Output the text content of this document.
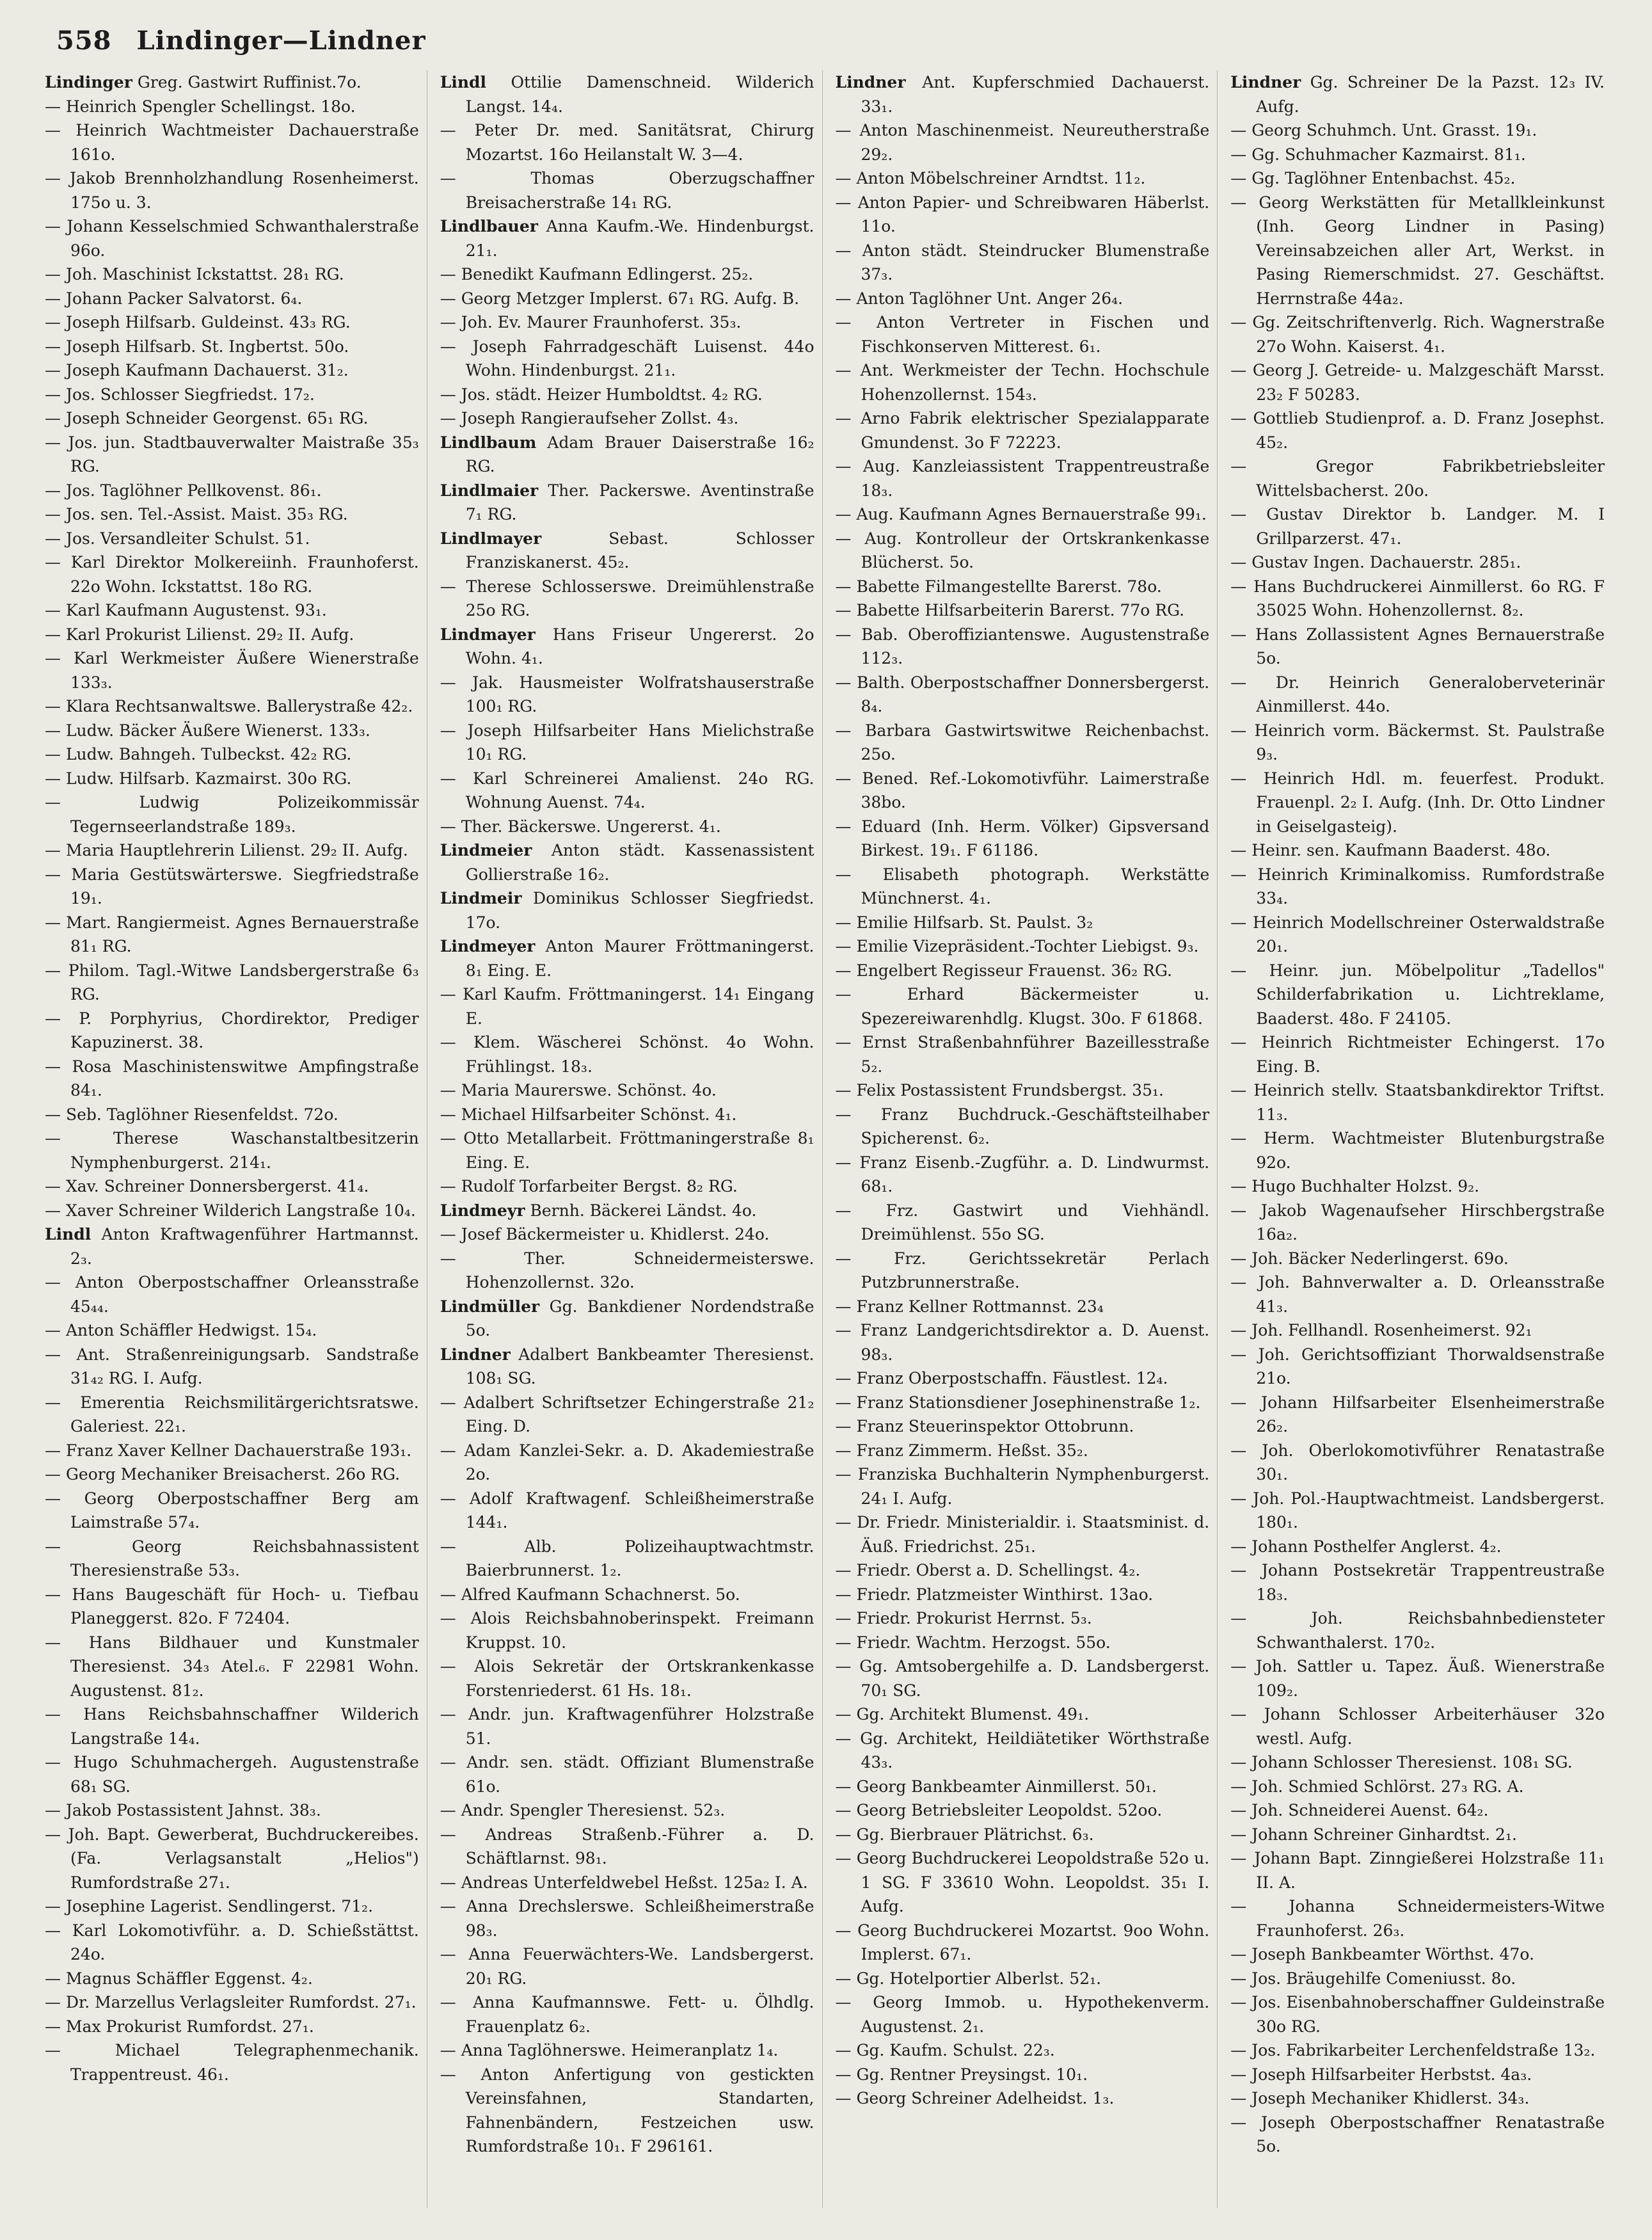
558 Lindinger—Lindner
Lindinger Greg. Gastwirt Ruffinist.7o.
— Heinrich Spengler Schellingst. 18o.
— Heinrich Wachtmeister Dachauerstraße 161o.
— Jakob Brennholzhandlung Rosenheimerst. 175o u. 3.
— Johann Kesselschmied Schwanthalerstraße 96o.
— Joh. Maschinist Ickstattst. 28₁ RG.
— Johann Packer Salvatorst. 6₄.
— Joseph Hilfsarb. Guldeinst. 43₃ RG.
— Joseph Hilfsarb. St. Ingbertst. 50o.
— Joseph Kaufmann Dachauerst. 31₂.
— Jos. Schlosser Siegfriedst. 17₂.
— Joseph Schneider Georgenst. 65₁ RG.
— Jos. jun. Stadtbauverwalter Maistraße 35₃ RG.
— Jos. Taglöhner Pellkovenst. 86₁.
— Jos. sen. Tel.-Assist. Maist. 35₃ RG.
— Jos. Versandleiter Schulst. 51.
— Karl Direktor Molkereiinh. Fraunhoferst. 22o Wohn. Ickstattst. 18o RG.
— Karl Kaufmann Augustenst. 93₁.
— Karl Prokurist Lilienst. 29₂ II. Aufg.
— Karl Werkmeister Äußere Wienerstraße 133₃.
— Klara Rechtsanwaltswe. Ballerystraße 42₂.
— Ludw. Bäcker Äußere Wienerst. 133₃.
— Ludw. Bahngeh. Tulbeckst. 42₂ RG.
— Ludw. Hilfsarb. Kazmairst. 30o RG.
— Ludwig Polizeikommissär Tegernseerlandstraße 189₃.
— Maria Hauptlehrerin Lilienst. 29₂ II. Aufg.
— Maria Gestütswärterswe. Siegfriedstraße 19₁.
— Mart. Rangiermeist. Agnes Bernauerstraße 81₁ RG.
— Philom. Tagl.-Witwe Landsbergerstraße 6₃ RG.
— P. Porphyrius, Chordirektor, Prediger Kapuzinerst. 38.
— Rosa Maschinistenswitwe Ampfingstraße 84₁.
— Seb. Taglöhner Riesenfeldst. 72o.
— Therese Waschanstaltbesitzerin Nymphenburgerst. 214₁.
— Xav. Schreiner Donnersbergerst. 41₄.
— Xaver Schreiner Wilderich Langstraße 10₄.
Lindl Anton Kraftwagenführer Hartmannst. 2₃.
— Anton Oberpostschaffner Orleansstraße 45₄₄.
— Anton Schäffler Hedwigst. 15₄.
— Ant. Straßenreinigungsarb. Sandstraße 31₄₂ RG. I. Aufg.
— Emerentia Reichsmilitärgerichtsratswe. Galeriest. 22₁.
— Franz Xaver Kellner Dachauerstraße 193₁.
— Georg Mechaniker Breisacherst. 26o RG.
— Georg Oberpostschaffner Berg am Laimstraße 57₄.
— Georg Reichsbahnassistent Theresienstraße 53₃.
— Hans Baugeschäft für Hoch- u. Tiefbau Planeggerst. 82o. F 72404.
— Hans Bildhauer und Kunstmaler Theresienst. 34₃ Atel.₆. F 22981 Wohn. Augustenst. 81₂.
— Hans Reichsbahnschaffner Wilderich Langstraße 14₄.
— Hugo Schuhmachergeh. Augustenstraße 68₁ SG.
— Jakob Postassistent Jahnst. 38₃.
— Joh. Bapt. Gewerberat, Buchdruckereibes. (Fa. Verlagsanstalt „Helios") Rumfordstraße 27₁.
— Josephine Lagerist. Sendlingerst. 71₂.
— Karl Lokomotivführ. a. D. Schießstättst. 24o.
— Magnus Schäffler Eggenst. 4₂.
— Dr. Marzellus Verlagsleiter Rumfordst. 27₁.
— Max Prokurist Rumfordst. 27₁.
— Michael Telegraphenmechanik. Trappentreust. 46₁.
Lindl Ottilie Damenschneid. Wilderich Langst. 14₄.
— Peter Dr. med. Sanitätsrat, Chirurg Mozartst. 16o Heilanstalt W. 3—4.
— Thomas Oberzugschaffner Breisacherstraße 14₁ RG.
Lindlbauer Anna Kaufm.-We. Hindenburgst. 21₁.
— Benedikt Kaufmann Edlingerst. 25₂.
— Georg Metzger Implerst. 67₁ RG. Aufg. B.
— Joh. Ev. Maurer Fraunhoferst. 35₃.
— Joseph Fahrradgeschäft Luisenst. 44o Wohn. Hindenburgst. 21₁.
— Jos. städt. Heizer Humboldtst. 4₂ RG.
— Joseph Rangieraufseher Zollst. 4₃.
Lindlbaum Adam Brauer Daiserstraße 16₂ RG.
Lindlmaier Ther. Packerswe. Aventinstraße 7₁ RG.
Lindlmayer Sebast. Schlosser Franziskanerst. 45₂.
— Therese Schlosserswe. Dreimühlenstraße 25o RG.
Lindmayer Hans Friseur Ungererst. 2o Wohn. 4₁.
— Jak. Hausmeister Wolfratshauserstraße 100₁ RG.
— Joseph Hilfsarbeiter Hans Mielichstraße 10₁ RG.
— Karl Schreinerei Amalienst. 24o RG. Wohnung Auenst. 74₄.
— Ther. Bäckerswe. Ungererst. 4₁.
Lindmeier Anton städt. Kassenassistent Gollierstraße 16₂.
Lindmeir Dominikus Schlosser Siegfriedst. 17o.
Lindmeyer Anton Maurer Fröttmaningerst. 8₁ Eing. E.
— Karl Kaufm. Fröttmaningerst. 14₁ Eingang E.
— Klem. Wäscherei Schönst. 4o Wohn. Frühlingst. 18₃.
— Maria Maurerswe. Schönst. 4o.
— Michael Hilfsarbeiter Schönst. 4₁.
— Otto Metallarbeit. Fröttmaningerstraße 8₁ Eing. E.
— Rudolf Torfarbeiter Bergst. 8₂ RG.
Lindmeyr Bernh. Bäckerei Ländst. 4o.
— Josef Bäckermeister u. Khidlerst. 24o.
— Ther. Schneidermeisterswe. Hohenzollernst. 32o.
Lindmüller Gg. Bankdiener Nordendstraße 5o.
Lindner Adalbert Bankbeamter Theresienst. 108₁ SG.
— Adalbert Schriftsetzer Echingerstraße 21₂ Eing. D.
— Adam Kanzlei-Sekr. a. D. Akademiestraße 2o.
— Adolf Kraftwagenf. Schleißheimerstraße 144₁.
— Alb. Polizeihauptwachtmstr. Baierbrunnerst. 1₂.
— Alfred Kaufmann Schachnerst. 5o.
— Alois Reichsbahnoberinspekt. Freimann Kruppst. 10.
— Alois Sekretär der Ortskrankenkasse Forstenriederst. 61 Hs. 18₁.
— Andr. jun. Kraftwagenführer Holzstraße 51.
— Andr. sen. städt. Offiziant Blumenstraße 61o.
— Andr. Spengler Theresienst. 52₃.
— Andreas Straßenb.-Führer a. D. Schäftlarnst. 98₁.
— Andreas Unterfeldwebel Heßst. 125a₂ I. A.
— Anna Drechslerswe. Schleißheimerstraße 98₃.
— Anna Feuerwächters-We. Landsbergerst. 20₁ RG.
— Anna Kaufmannswe. Fett- u. Ölhdlg. Frauenplatz 6₂.
— Anna Taglöhnerswe. Heimeranplatz 1₄.
— Anton Anfertigung von gestickten Vereinsfahnen, Standarten, Fahnenbändern, Festzeichen usw. Rumfordstraße 10₁. F 296161.
Lindner Ant. Kupferschmied Dachauerst. 33₁.
— Anton Maschinenmeist. Neureutherstraße 29₂.
— Anton Möbelschreiner Arndtst. 11₂.
— Anton Papier- und Schreibwaren Häberlst. 11o.
— Anton städt. Steindrucker Blumenstraße 37₃.
— Anton Taglöhner Unt. Anger 26₄.
— Anton Vertreter in Fischen und Fischkonserven Mitterest. 6₁.
— Ant. Werkmeister der Techn. Hochschule Hohenzollernst. 154₃.
— Arno Fabrik elektrischer Spezialapparate Gmundenst. 3o F 72223.
— Aug. Kanzleiassistent Trappentreustraße 18₃.
— Aug. Kaufmann Agnes Bernauerstraße 99₁.
— Aug. Kontrolleur der Ortskrankenkasse Blücherst. 5o.
— Babette Filmangestellte Barerst. 78o.
— Babette Hilfsarbeiterin Barerst. 77o RG.
— Bab. Oberoffiziantenswe. Augustenstraße 112₃.
— Balth. Oberpostschaffner Donnersbergerst. 8₄.
— Barbara Gastwirtswitwe Reichenbachst. 25o.
— Bened. Ref.-Lokomotivführ. Laimerstraße 38bo.
— Eduard (Inh. Herm. Völker) Gipsversand Birkest. 19₁. F 61186.
— Elisabeth photograph. Werkstätte Münchnerst. 4₁.
— Emilie Hilfsarb. St. Paulst. 3₂
— Emilie Vizepräsident.-Tochter Liebigst. 9₃.
— Engelbert Regisseur Frauenst. 36₂ RG.
— Erhard Bäckermeister u. Spezereiwarenhdlg. Klugst. 30o. F 61868.
— Ernst Straßenbahnführer Bazeillesstraße 5₂.
— Felix Postassistent Frundsbergst. 35₁.
— Franz Buchdruck.-Geschäftsteilhaber Spicherenst. 6₂.
— Franz Eisenb.-Zugführ. a. D. Lindwurmst. 68₁.
— Frz. Gastwirt und Viehhändl. Dreimühlenst. 55o SG.
— Frz. Gerichtssekretär Perlach Putzbrunnerstraße.
— Franz Kellner Rottmannst. 23₄
— Franz Landgerichtsdirektor a. D. Auenst. 98₃.
— Franz Oberpostschaffn. Fäustlest. 12₄.
— Franz Stationsdiener Josephinenstraße 1₂.
— Franz Steuerinspektor Ottobrunn.
— Franz Zimmerm. Heßst. 35₂.
— Franziska Buchhalterin Nymphenburgerst. 24₁ I. Aufg.
— Dr. Friedr. Ministerialdir. i. Staatsminist. d. Äuß. Friedrichst. 25₁.
— Friedr. Oberst a. D. Schellingst. 4₂.
— Friedr. Platzmeister Winthirst. 13ao.
— Friedr. Prokurist Herrnst. 5₃.
— Friedr. Wachtm. Herzogst. 55o.
— Gg. Amtsobergehilfe a. D. Landsbergerst. 70₁ SG.
— Gg. Architekt Blumenst. 49₁.
— Gg. Architekt, Heildiätetiker Wörthstraße 43₃.
— Georg Bankbeamter Ainmillerst. 50₁.
— Georg Betriebsleiter Leopoldst. 52oo.
— Gg. Bierbrauer Plätrichst. 6₃.
— Georg Buchdruckerei Leopoldstraße 52o u. 1 SG. F 33610 Wohn. Leopoldst. 35₁ I. Aufg.
— Georg Buchdruckerei Mozartst. 9oo Wohn. Implerst. 67₁.
— Gg. Hotelportier Alberlst. 52₁.
— Georg Immob. u. Hypothekenverm. Augustenst. 2₁.
— Gg. Kaufm. Schulst. 22₃.
— Gg. Rentner Preysingst. 10₁.
— Georg Schreiner Adelheidst. 1₃.
Lindner Gg. Schreiner De la Pazst. 12₃ IV. Aufg.
— Georg Schuhmch. Unt. Grasst. 19₁.
— Gg. Schuhmacher Kazmairst. 81₁.
— Gg. Taglöhner Entenbachst. 45₂.
— Georg Werkstätten für Metallkleinkunst (Inh. Georg Lindner in Pasing) Vereinsabzeichen aller Art, Werkst. in Pasing Riemerschmidst. 27. Geschäftst. Herrnstraße 44a₂.
— Gg. Zeitschriftenverlg. Rich. Wagnerstraße 27o Wohn. Kaiserst. 4₁.
— Georg J. Getreide- u. Malzgeschäft Marsst. 23₂ F 50283.
— Gottlieb Studienprof. a. D. Franz Josephst. 45₂.
— Gregor Fabrikbetriebsleiter Wittelsbacherst. 20o.
— Gustav Direktor b. Landger. M. I Grillparzerst. 47₁.
— Gustav Ingen. Dachauerstr. 285₁.
— Hans Buchdruckerei Ainmillerst. 6o RG. F 35025 Wohn. Hohenzollernst. 8₂.
— Hans Zollassistent Agnes Bernauerstraße 5o.
— Dr. Heinrich Generaloberveterinär Ainmillerst. 44o.
— Heinrich vorm. Bäckermst. St. Paulstraße 9₃.
— Heinrich Hdl. m. feuerfest. Produkt. Frauenpl. 2₂ I. Aufg. (Inh. Dr. Otto Lindner in Geiselgasteig).
— Heinr. sen. Kaufmann Baaderst. 48o.
— Heinrich Kriminalkomiss. Rumfordstraße 33₄.
— Heinrich Modellschreiner Osterwaldstraße 20₁.
— Heinr. jun. Möbelpolitur „Tadellos" Schilderfabrikation u. Lichtreklame, Baaderst. 48o. F 24105.
— Heinrich Richtmeister Echingerst. 17o Eing. B.
— Heinrich stellv. Staatsbankdirektor Triftst. 11₃.
— Herm. Wachtmeister Blutenburgstraße 92o.
— Hugo Buchhalter Holzst. 9₂.
— Jakob Wagenaufseher Hirschbergstraße 16a₂.
— Joh. Bäcker Nederlingerst. 69o.
— Joh. Bahnverwalter a. D. Orleansstraße 41₃.
— Joh. Fellhandl. Rosenheimerst. 92₁
— Joh. Gerichtsoffiziant Thorwaldsenstraße 21o.
— Johann Hilfsarbeiter Elsenheimerstraße 26₂.
— Joh. Oberlokomotivführer Renatastraße 30₁.
— Joh. Pol.-Hauptwachtmeist. Landsbergerst. 180₁.
— Johann Posthelfer Anglerst. 4₂.
— Johann Postsekretär Trappentreustraße 18₃.
— Joh. Reichsbahnbediensteter Schwanthalerst. 170₂.
— Joh. Sattler u. Tapez. Äuß. Wienerstraße 109₂.
— Johann Schlosser Arbeiterhäuser 32o westl. Aufg.
— Johann Schlosser Theresienst. 108₁ SG.
— Joh. Schmied Schlörst. 27₃ RG. A.
— Joh. Schneiderei Auenst. 64₂.
— Johann Schreiner Ginhardtst. 2₁.
— Johann Bapt. Zinngießerei Holzstraße 11₁ II. A.
— Johanna Schneidermeisters-Witwe Fraunhoferst. 26₃.
— Joseph Bankbeamter Wörthst. 47o.
— Jos. Bräugehilfe Comeniusst. 8o.
— Jos. Eisenbahnoberschaffner Guldeinstraße 30o RG.
— Jos. Fabrikarbeiter Lerchenfeldstraße 13₂.
— Joseph Hilfsarbeiter Herbstst. 4a₃.
— Joseph Mechaniker Khidlerst. 34₃.
— Joseph Oberpostschaffner Renatastraße 5o.
